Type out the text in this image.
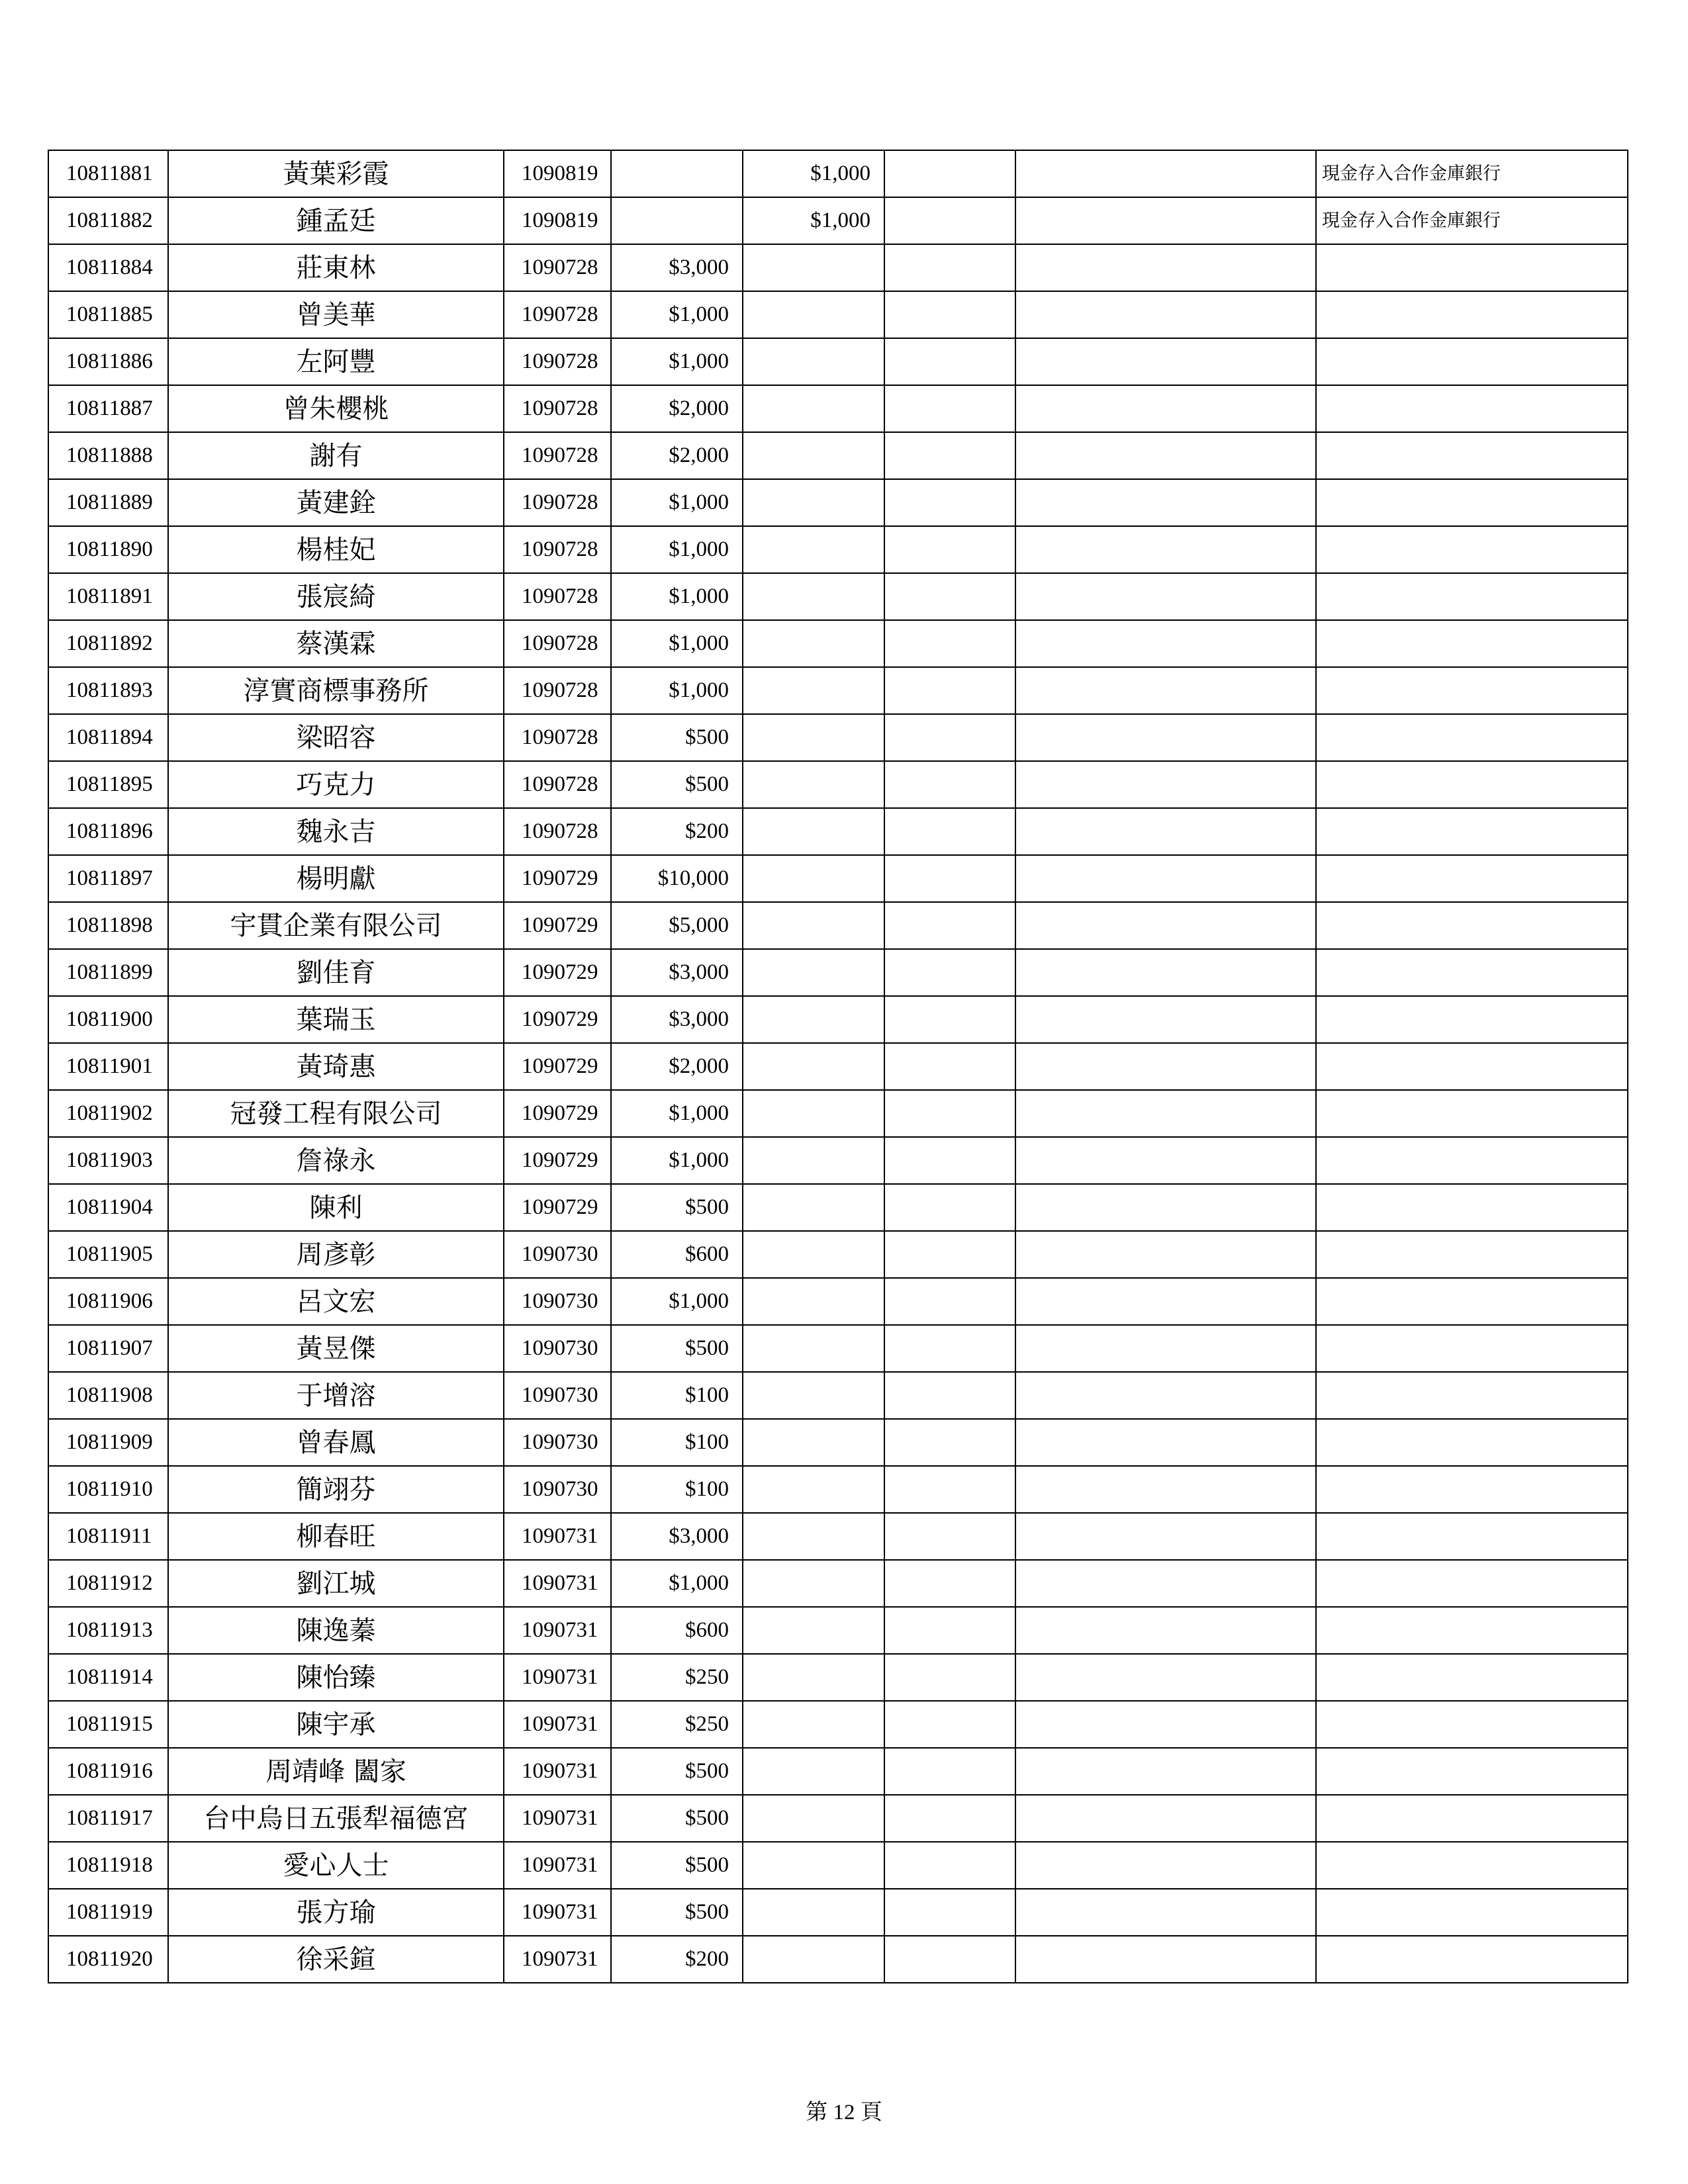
10811881	黃葉彩霞	1090819		$1,000			現金存入合作金庫銀行
10811882	鍾孟廷	1090819		$1,000			現金存入合作金庫銀行
10811884	莊東林	1090728	$3,000				
10811885	曾美華	1090728	$1,000				
10811886	左阿豐	1090728	$1,000				
10811887	曾朱櫻桃	1090728	$2,000				
10811888	謝有	1090728	$2,000				
10811889	黃建銓	1090728	$1,000				
10811890	楊桂妃	1090728	$1,000				
10811891	張宸綺	1090728	$1,000				
10811892	蔡漢霖	1090728	$1,000				
10811893	淳實商標事務所	1090728	$1,000				
10811894	梁昭容	1090728	$500				
10811895	巧克力	1090728	$500				
10811896	魏永吉	1090728	$200				
10811897	楊明獻	1090729	$10,000				
10811898	宇貫企業有限公司	1090729	$5,000				
10811899	劉佳育	1090729	$3,000				
10811900	葉瑞玉	1090729	$3,000				
10811901	黃琦惠	1090729	$2,000				
10811902	冠發工程有限公司	1090729	$1,000				
10811903	詹祿永	1090729	$1,000				
10811904	陳利	1090729	$500				
10811905	周彥彰	1090730	$600				
10811906	呂文宏	1090730	$1,000				
10811907	黃昱傑	1090730	$500				
10811908	于增溶	1090730	$100				
10811909	曾春鳳	1090730	$100				
10811910	簡翊芬	1090730	$100				
10811911	柳春旺	1090731	$3,000				
10811912	劉江城	1090731	$1,000				
10811913	陳逸蓁	1090731	$600				
10811914	陳怡臻	1090731	$250				
10811915	陳宇承	1090731	$250				
10811916	周靖峰 闔家	1090731	$500				
10811917	台中烏日五張犁福德宮	1090731	$500				
10811918	愛心人士	1090731	$500				
10811919	張方瑜	1090731	$500				
10811920	徐采鍹	1090731	$200				
第 12 頁
